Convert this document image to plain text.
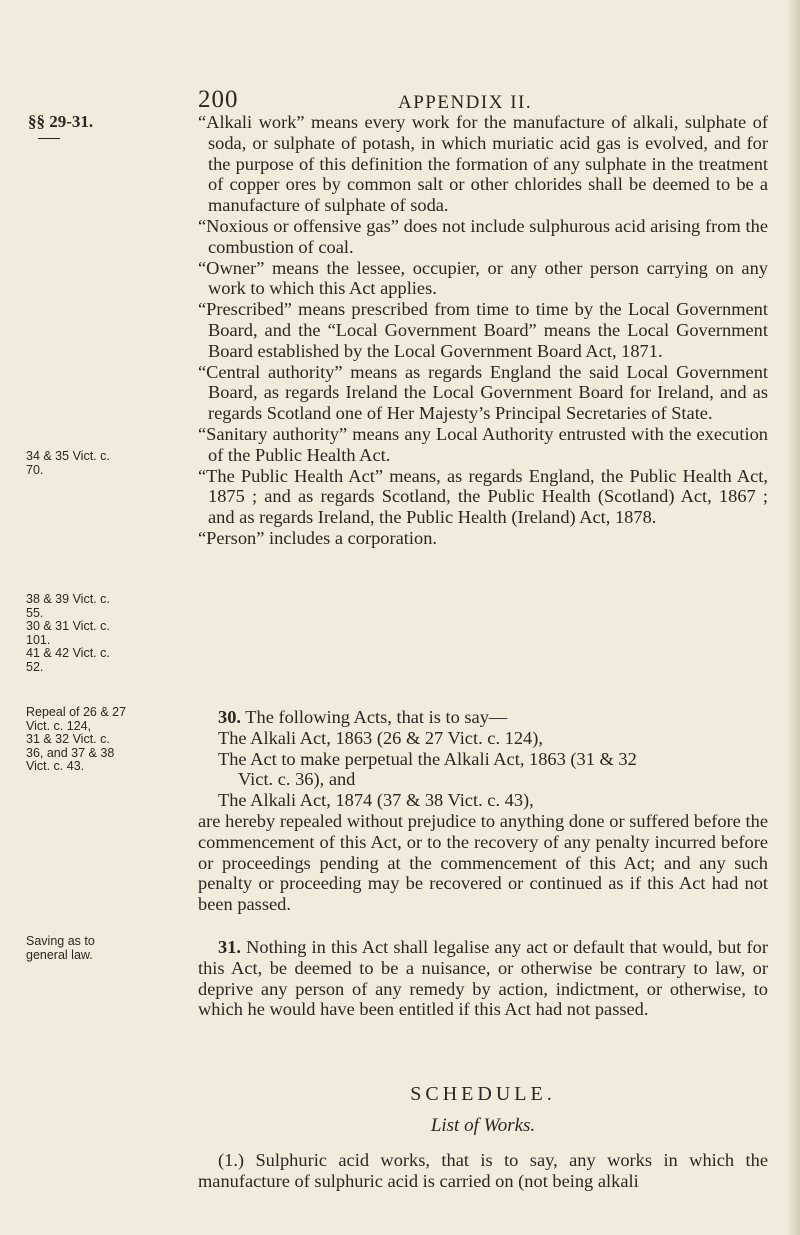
200	APPENDIX II.
§§ 29-31.
34 & 35 Vict. c.
70.
38 & 39 Vict. c.
55.
30 & 31 Vict. c.
101.
41 & 42 Vict. c.
52.
Repeal of 26 & 27
Vict. c. 124,
31 & 32 Vict. c.
36, and 37 & 38
Vict. c. 43.
Saving as to
general law.

“Alkali work” means every work for the manufacture of alkali, sulphate of soda, or sulphate of potash, in which muriatic acid gas is evolved, and for the purpose of this definition the formation of any sulphate in the treatment of copper ores by common salt or other chlorides shall be deemed to be a manufacture of sulphate of soda.

“Noxious or offensive gas” does not include sulphurous acid arising from the combustion of coal.

“Owner” means the lessee, occupier, or any other person carrying on any work to which this Act applies.

“Prescribed” means prescribed from time to time by the Local Government Board, and the “Local Government Board” means the Local Government Board established by the Local Government Board Act, 1871.

“Central authority” means as regards England the said Local Government Board, as regards Ireland the Local Government Board for Ireland, and as regards Scotland one of Her Majesty’s Principal Secretaries of State.

“Sanitary authority” means any Local Authority entrusted with the execution of the Public Health Act.

“The Public Health Act” means, as regards England, the Public Health Act, 1875 ; and as regards Scotland, the Public Health (Scotland) Act, 1867 ; and as regards Ireland, the Public Health (Ireland) Act, 1878.

“Person” includes a corporation.

30. The following Acts, that is to say—

The Alkali Act, 1863 (26 & 27 Vict. c. 124),
The Act to make perpetual the Alkali Act, 1863 (31 & 32
Vict. c. 36), and
The Alkali Act, 1874 (37 & 38 Vict. c. 43),

are hereby repealed without prejudice to anything done or suffered before the commencement of this Act, or to the recovery of any penalty incurred before or proceedings pending at the commencement of this Act; and any such penalty or proceeding may be recovered or continued as if this Act had not been passed.

31. Nothing in this Act shall legalise any act or default that would, but for this Act, be deemed to be a nuisance, or otherwise be contrary to law, or deprive any person of any remedy by action, indictment, or otherwise, to which he would have been entitled if this Act had not passed.

SCHEDULE.
List of Works.

(1.) Sulphuric acid works, that is to say, any works in which the manufacture of sulphuric acid is carried on (not being alkali
